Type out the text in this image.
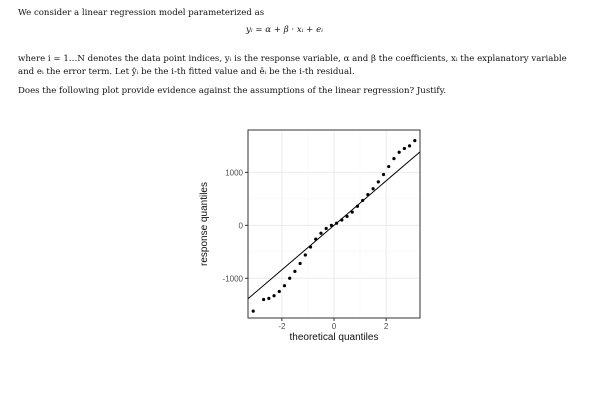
We consider a linear regression model parameterized as
yᵢ = α + β · xᵢ + eᵢ
where i = 1…N denotes the data point indices, yᵢ is the response variable, α and β the coefficients, xᵢ the explanatory variable
and eᵢ the error term. Let ŷᵢ be the i-th fitted value and êᵢ be the i-th residual.
Does the following plot provide evidence against the assumptions of the linear regression? Justify.
-2	0	2
-1000
0
1000
theoretical quantiles
response quantiles
